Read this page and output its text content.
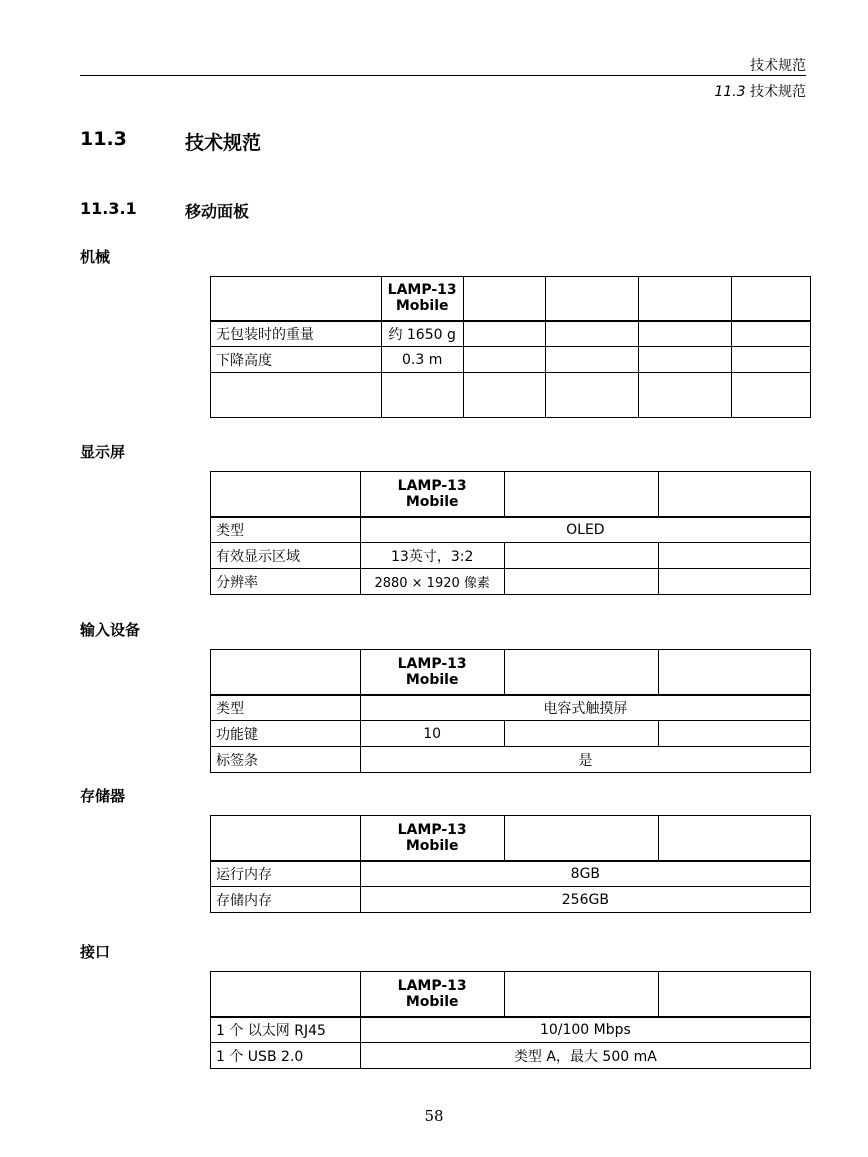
技术规范
11.3 技术规范
11.3	技术规范
11.3.1	移动面板
机械
	LAMP-13
Mobile				
无包装时的重量	约 1650 g				
下降高度	0.3 m				

显示屏
	LAMP-13
Mobile		
类型	OLED		
有效显示区域	13英寸，3:2		
分辨率	2880 × 1920 像素		
输入设备
	LAMP-13
Mobile		
类型	电容式触摸屏		
功能键	10		
标签条	是		
存储器
	LAMP-13
Mobile		
运行内存	8GB		
存储内存	256GB		
接口
	LAMP-13
Mobile		
1 个 以太网 RJ45	10/100 Mbps		
1 个 USB 2.0	类型 A，最大 500 mA		
58
